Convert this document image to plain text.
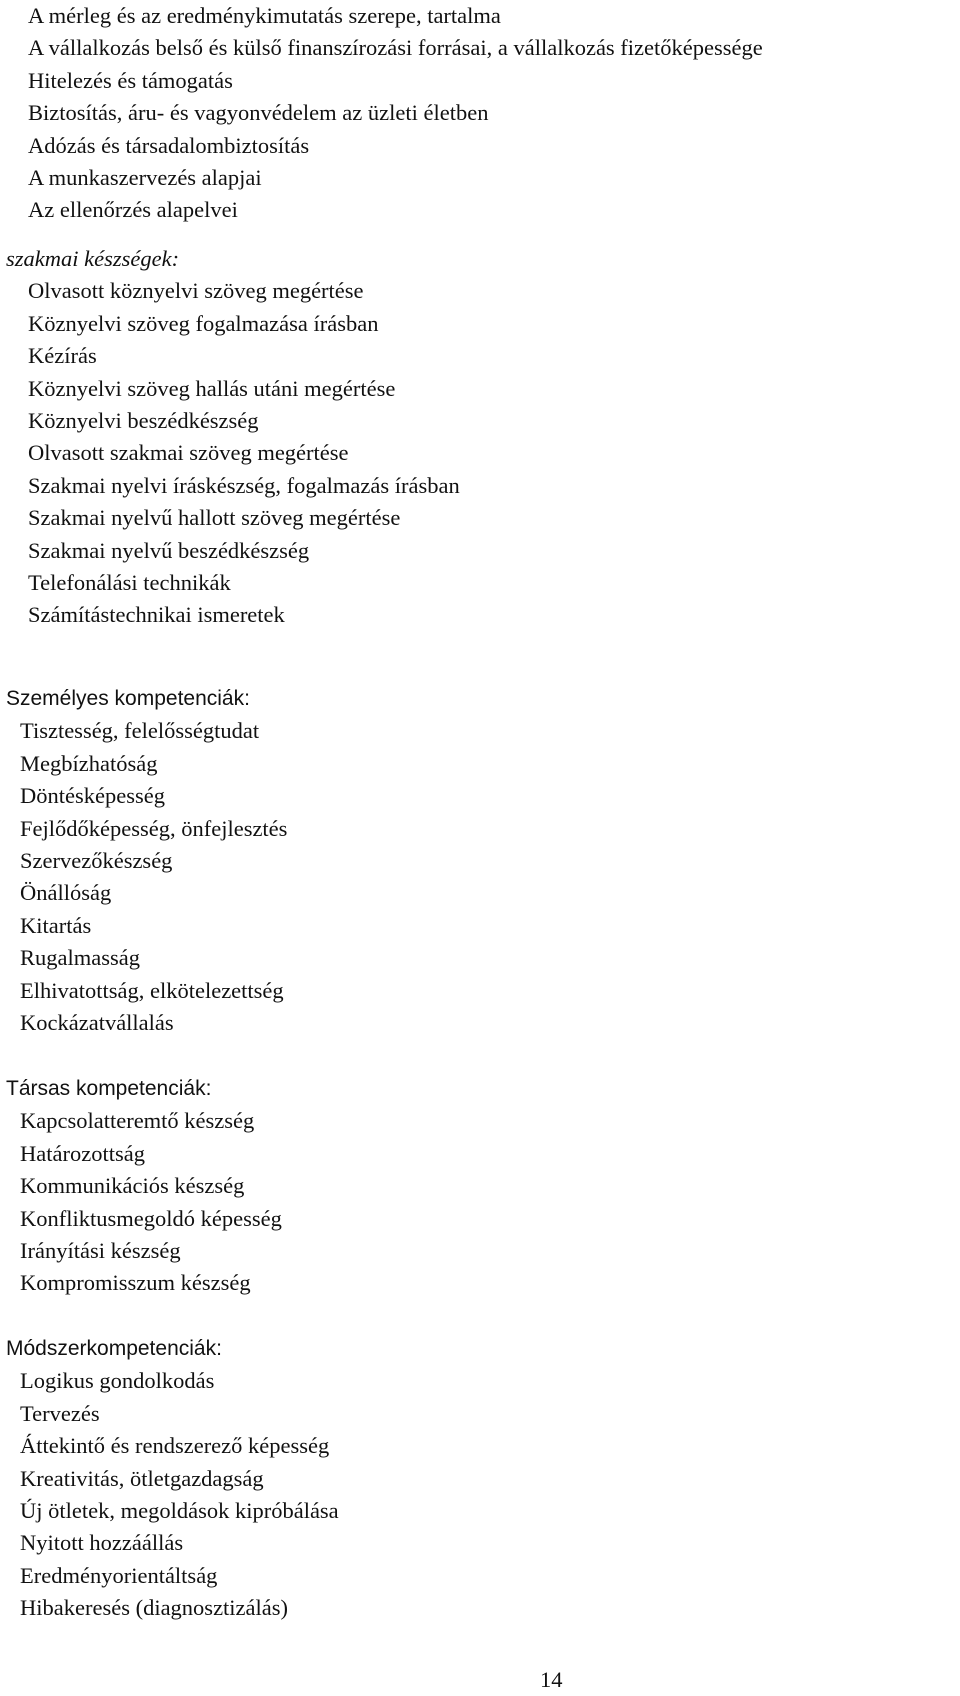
A mérleg és az eredménykimutatás szerepe, tartalma
A vállalkozás belső és külső finanszírozási forrásai, a vállalkozás fizetőképessége
Hitelezés és támogatás
Biztosítás, áru- és vagyonvédelem az üzleti életben
Adózás és társadalombiztosítás
A munkaszervezés alapjai
Az ellenőrzés alapelvei
szakmai készségek:
Olvasott köznyelvi szöveg megértése
Köznyelvi szöveg fogalmazása írásban
Kézírás
Köznyelvi szöveg hallás utáni megértése
Köznyelvi beszédkészség
Olvasott szakmai szöveg megértése
Szakmai nyelvi íráskészség, fogalmazás írásban
Szakmai nyelvű hallott szöveg megértése
Szakmai nyelvű beszédkészség
Telefonálási technikák
Számítástechnikai ismeretek
Személyes kompetenciák:
Tisztesség, felelősségtudat
Megbízhatóság
Döntésképesség
Fejlődőképesség, önfejlesztés
Szervezőkészség
Önállóság
Kitartás
Rugalmasság
Elhivatottság, elkötelezettség
Kockázatvállalás
Társas kompetenciák:
Kapcsolatteremtő készség
Határozottság
Kommunikációs készség
Konfliktusmegoldó képesség
Irányítási készség
Kompromisszum készség
Módszerkompetenciák:
Logikus gondolkodás
Tervezés
Áttekintő és rendszerező képesség
Kreativitás, ötletgazdagság
Új ötletek, megoldások kipróbálása
Nyitott hozzáállás
Eredményorientáltság
Hibakeresés (diagnosztizálás)
14
